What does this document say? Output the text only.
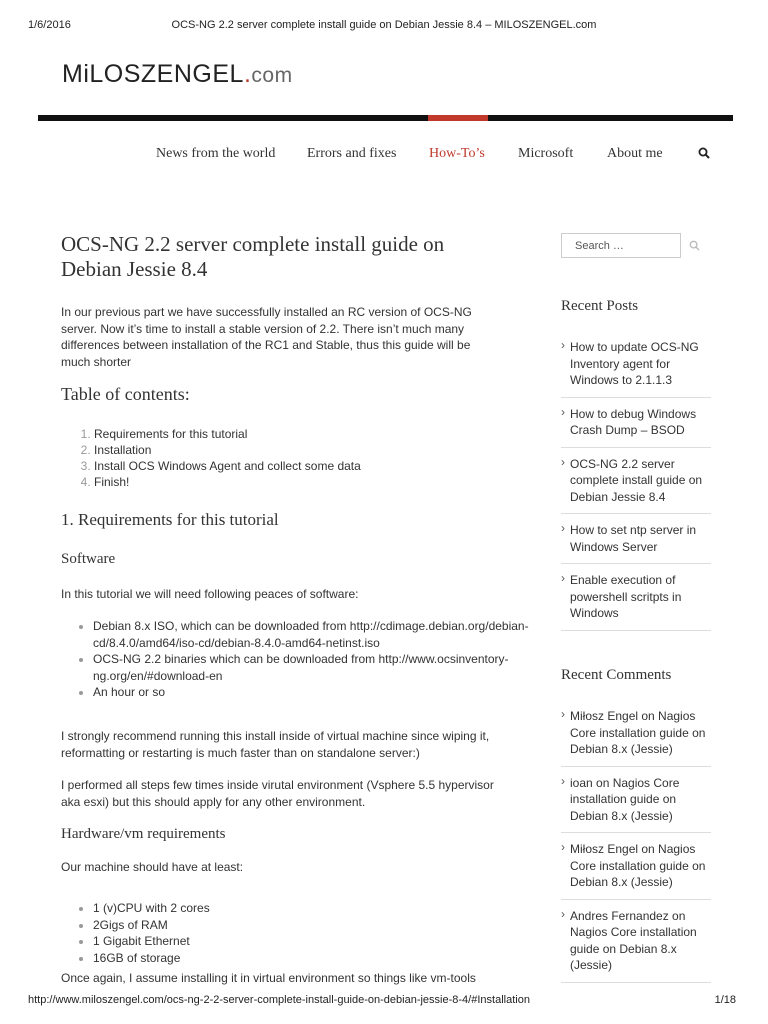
1/6/2016	OCS-NG 2.2 server complete install guide on Debian Jessie 8.4 – MILOSZENGEL.com
MiLOSZENGEL.com
News from the world Errors and fixes How-To’s Microsoft About me
OCS-NG 2.2 server complete install guide on Debian Jessie 8.4

In our previous part we have successfully installed an RC version of OCS-NG server. Now it’s time to install a stable version of 2.2. There isn’t much many differences between installation of the RC1 and Stable, thus this guide will be much shorter

Table of contents:
1. Requirements for this tutorial
2. Installation
3. Install OCS Windows Agent and collect some data
4. Finish!
1. Requirements for this tutorial
Software

In this tutorial we will need following peaces of software:

• Debian 8.x ISO, which can be downloaded from http://cdimage.debian.org/debian-cd/8.4.0/amd64/iso-cd/debian-8.4.0-amd64-netinst.iso
• OCS-NG 2.2 binaries which can be downloaded from http://www.ocsinventory-ng.org/en/#download-en
• An hour or so

I strongly recommend running this install inside of virtual machine since wiping it, reformatting or restarting is much faster than on standalone server:)

I performed all steps few times inside virutal environment (Vsphere 5.5 hypervisor aka esxi) but this should apply for any other environment.

Hardware/vm requirements

Our machine should have at least:

• 1 (v)CPU with 2 cores
• 2Gigs of RAM
• 1 Gigabit Ethernet
• 16GB of storage

Once again, I assume installing it in virtual environment so things like vm-tools

Search …
Recent Posts
› How to update OCS-NG Inventory agent for Windows to 2.1.1.3
› How to debug Windows Crash Dump – BSOD
› OCS-NG 2.2 server complete install guide on Debian Jessie 8.4
› How to set ntp server in Windows Server
› Enable execution of powershell scritpts in Windows
Recent Comments
› Miłosz Engel on Nagios Core installation guide on Debian 8.x (Jessie)
› ioan on Nagios Core installation guide on Debian 8.x (Jessie)
› Miłosz Engel on Nagios Core installation guide on Debian 8.x (Jessie)
› Andres Fernandez on Nagios Core installation guide on Debian 8.x (Jessie)
http://www.miloszengel.com/ocs-ng-2-2-server-complete-install-guide-on-debian-jessie-8-4/#Installation	1/18
